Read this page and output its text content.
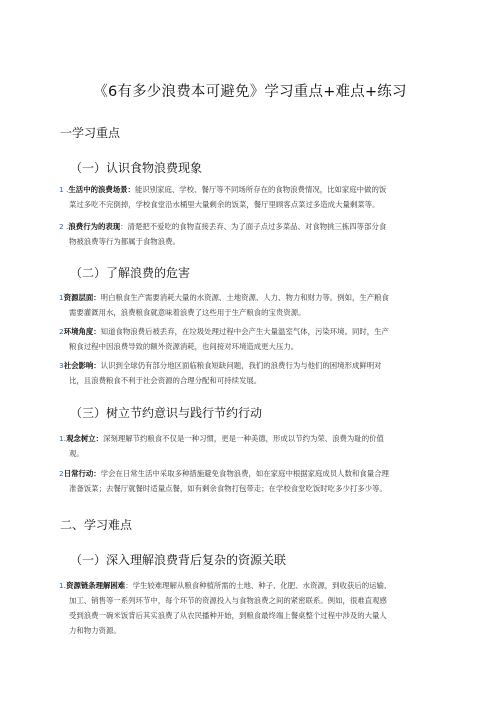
《6有多少浪费本可避免》学习重点+难点+练习
一学习重点
（一）认识食物浪费现象
1 .生活中的浪费场景：能识别家庭、学校、餐厅等不同场所存在的食物浪费情况，比如家庭中做的饭
菜过多吃不完倒掉，学校食堂沿水桶里大量剩余的饭菜，餐厅里顾客点菜过多造成大量剩菜等。
2 .浪费行为的表现：清楚把不爱吃的食物直接丢弃、为了面子点过多菜品、对食物挑三拣四等部分食
物被浪费等行为都属于食物浪费。
（二）了解浪费的危害
1资源层面：明白粮食生产需要消耗大量的水资源、土地资源、人力、物力和财力等。例如，生产粮食
需要灌溉用水，浪费粮食就意味着浪费了这些用于生产粮食的宝贵资源。
2环境角度：知道食物浪费后被丢弃，在垃圾处理过程中会产生大量温室气体，污染环境。同时，生产
粮食过程中因浪费导致的额外资源消耗，也间接对环境造成更大压力。
3社会影响：认识到全球仍有部分地区面临粮食短缺问题，我们的浪费行为与他们的困境形成鲜明对
比，且浪费粮食不利于社会资源的合理分配和可持续发展。
（三）树立节约意识与践行节约行动
1.观念树立：深刻理解节约粮食不仅是一种习惯，更是一种美德，形成以节约为荣、浪费为耻的价值
观。
2日常行动：学会在日常生活中采取多种措施避免食物浪费，如在家庭中根据家庭成员人数和食量合理
准备饭菜；去餐厅就餐时适量点餐，如有剩余食物打包带走；在学校食堂吃饭时吃多少打多少等。
二、学习难点
（一）深入理解浪费背后复杂的资源关联
1.资源链条理解困难：学生较难理解从粮食种植所需的土地、种子、化肥、水资源，到收获后的运输、
加工、销售等一系列环节中，每个环节的资源投入与食物浪费之间的紧密联系。例如，很难直观感
受到浪费一碗米饭背后其实浪费了从农民播种开始，到粮食最终端上餐桌整个过程中涉及的大量人
力和物力资源。
